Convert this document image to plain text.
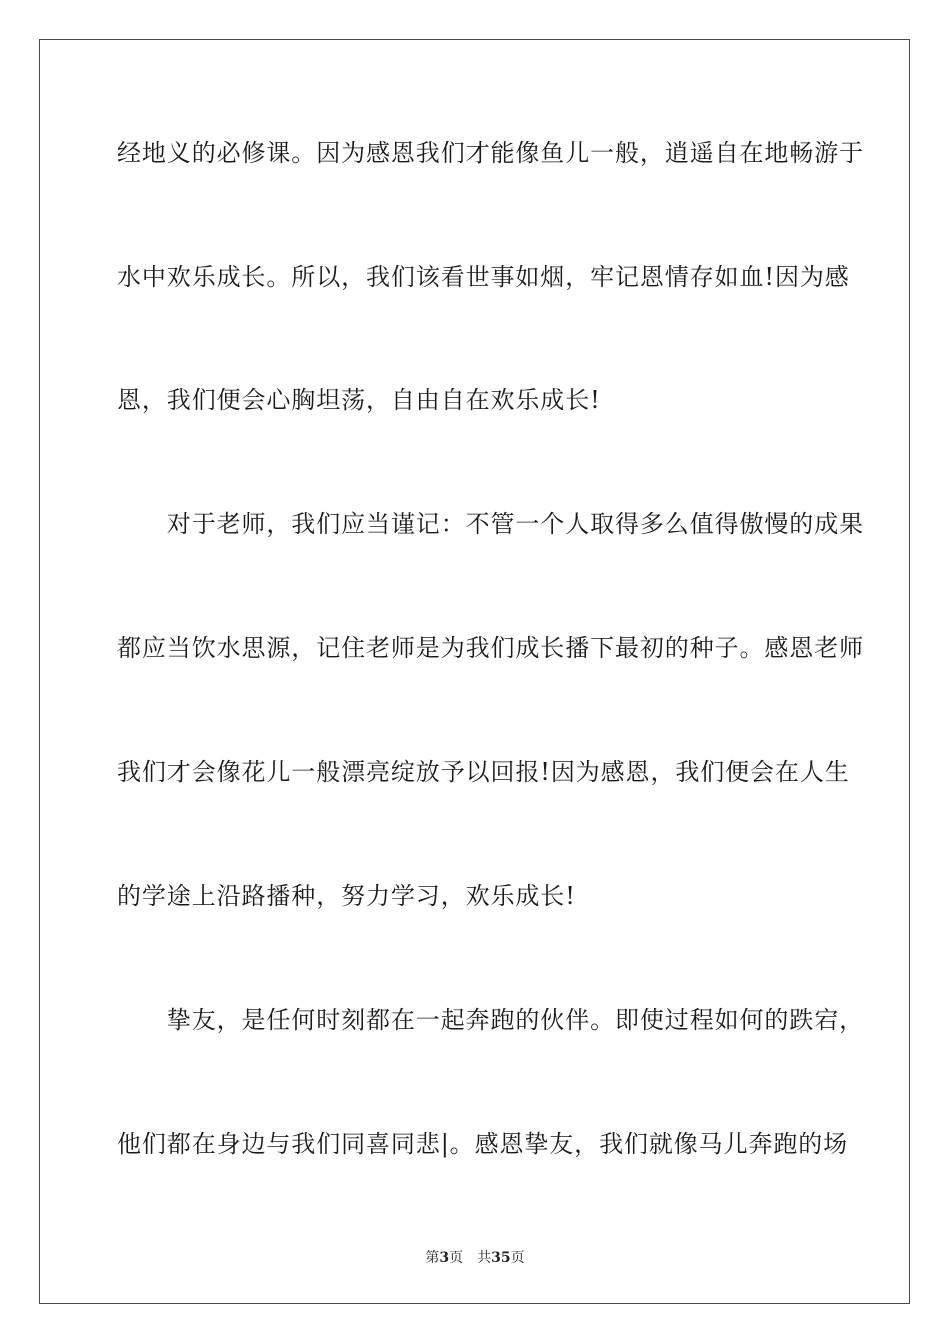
经地义的必修课。因为感恩我们才能像鱼儿一般，逍遥自在地畅游于
水中欢乐成长。所以，我们该看世事如烟，牢记恩情存如血!因为感
恩，我们便会心胸坦荡，自由自在欢乐成长!
　　对于老师，我们应当谨记：不管一个人取得多么值得傲慢的成果
都应当饮水思源，记住老师是为我们成长播下最初的种子。感恩老师
我们才会像花儿一般漂亮绽放予以回报!因为感恩，我们便会在人生
的学途上沿路播种，努力学习，欢乐成长!
　　挚友，是任何时刻都在一起奔跑的伙伴。即使过程如何的跌宕，
他们都在身边与我们同喜同悲|。感恩挚友，我们就像马儿奔跑的场
第3页 共35页
